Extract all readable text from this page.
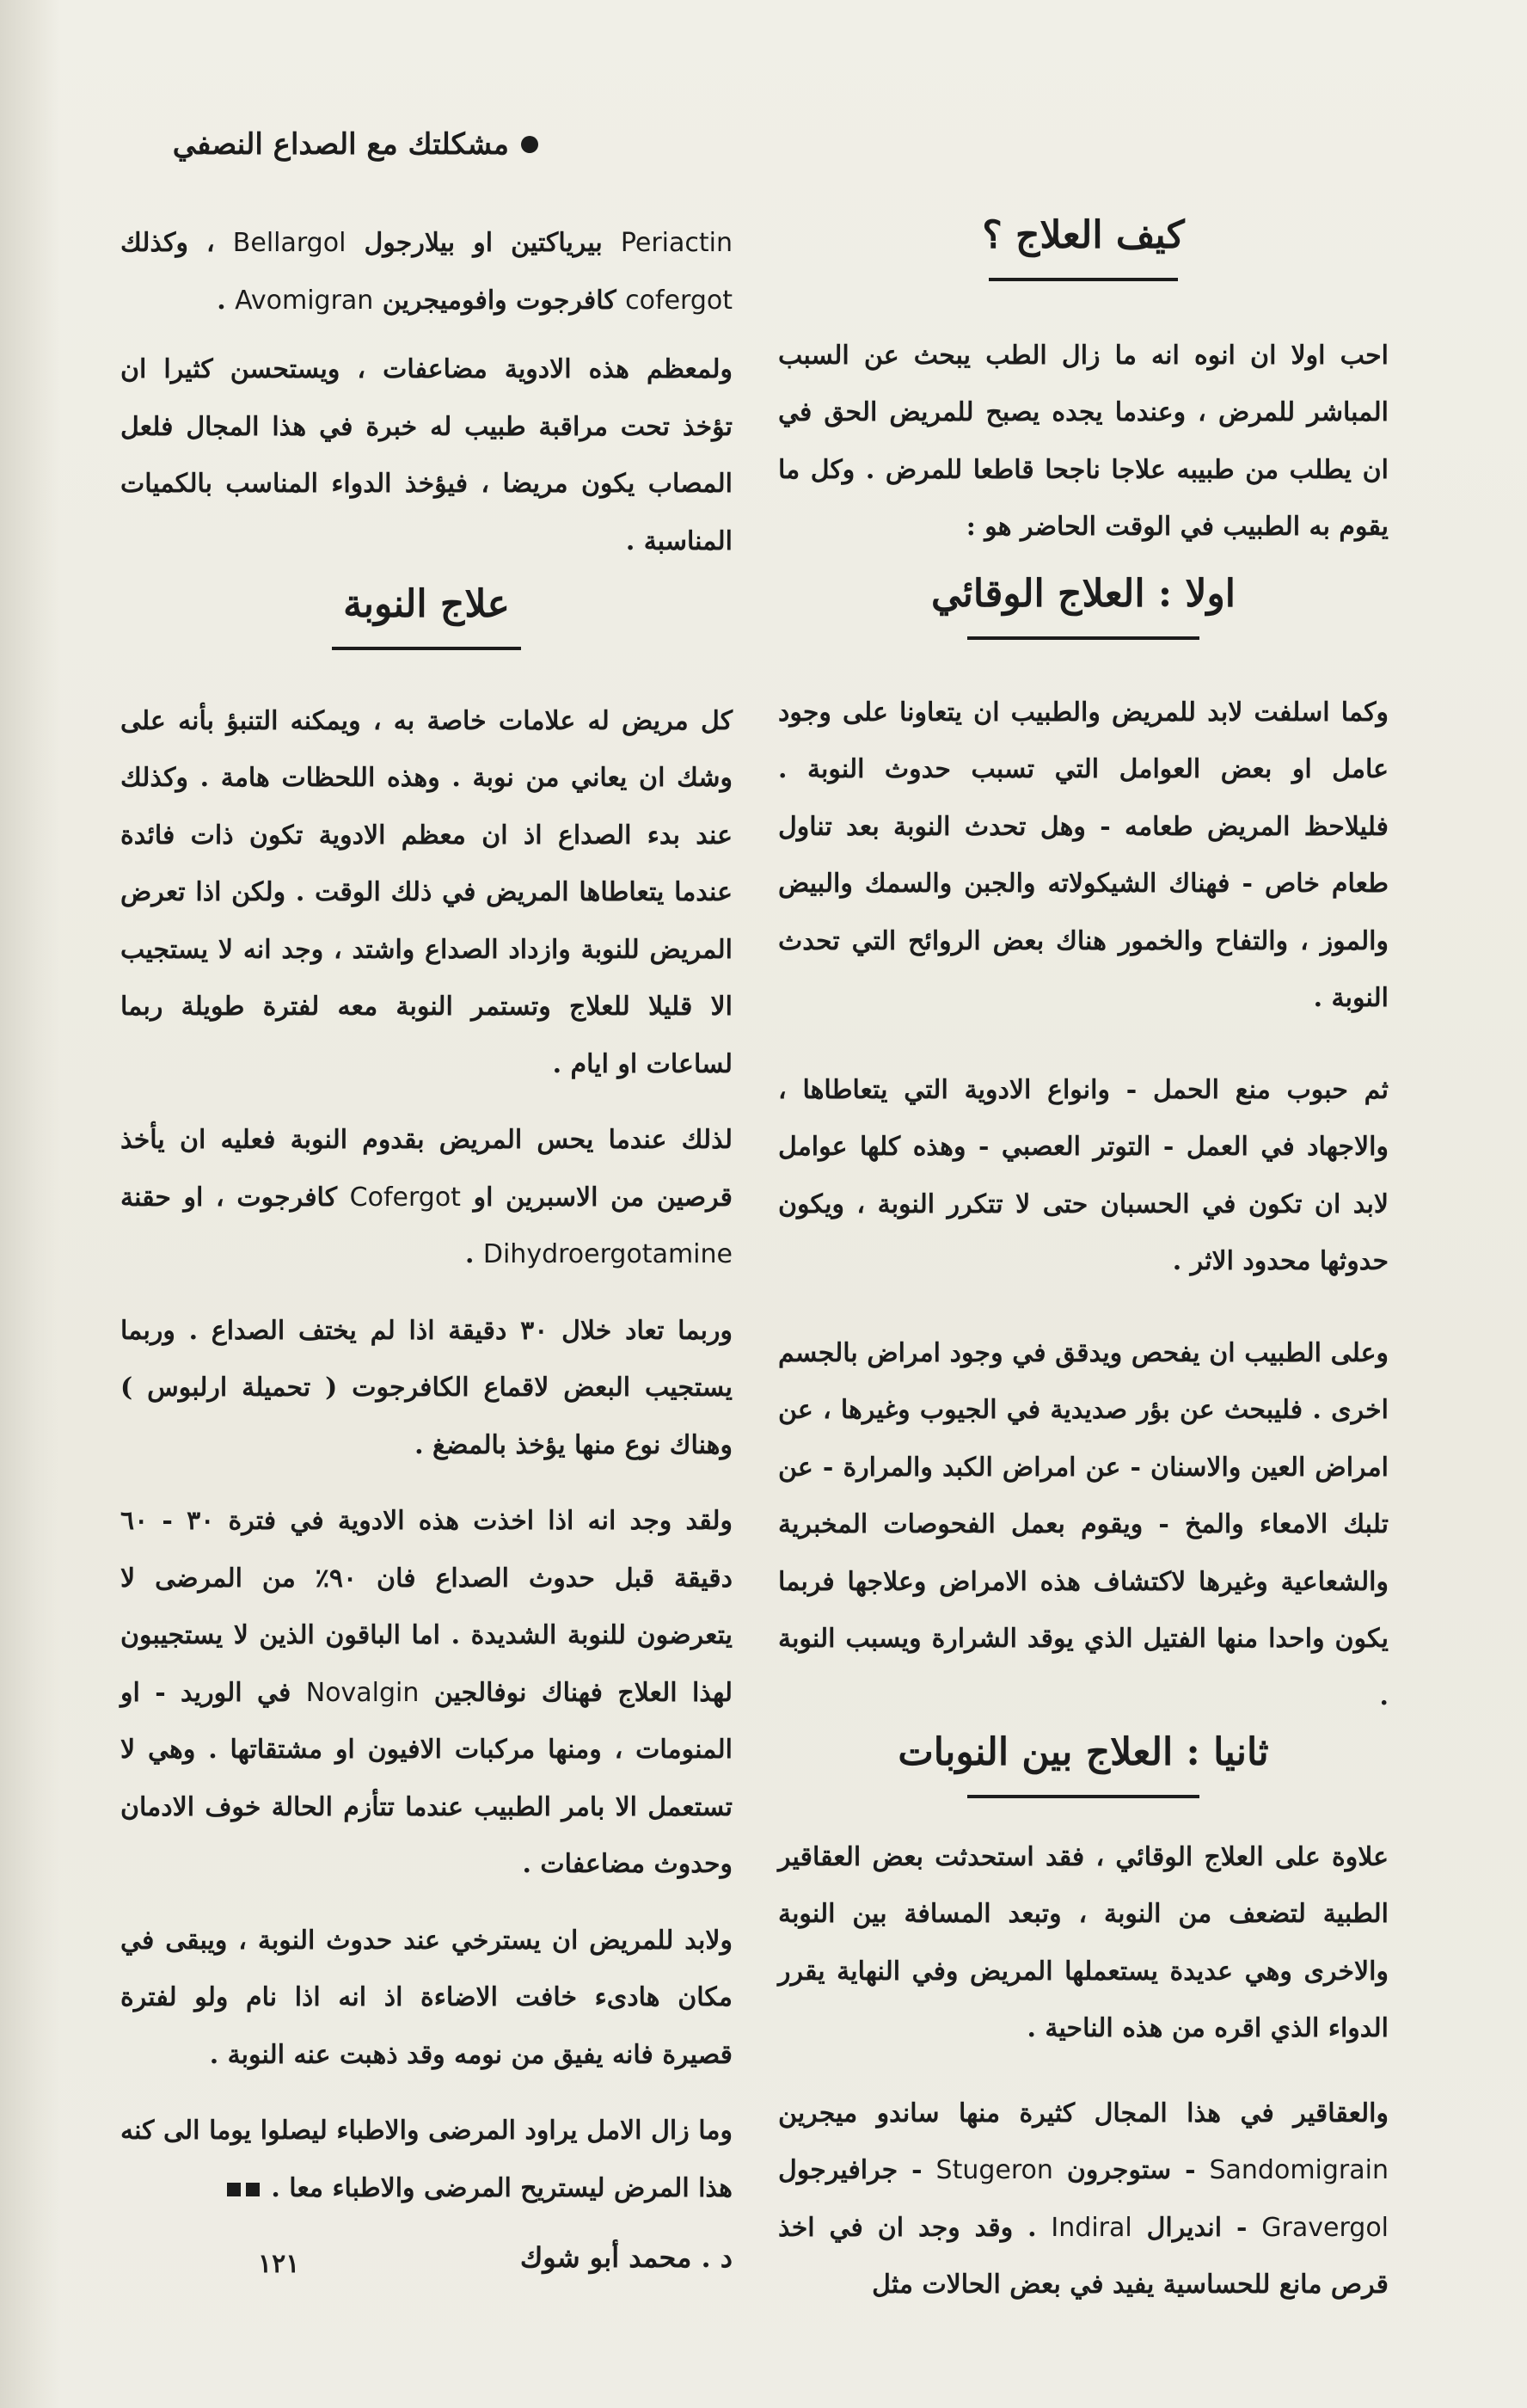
مشكلتك مع الصداع النصفي
كيف العلاج ؟

احب اولا ان انوه انه ما زال الطب يبحث عن السبب المباشر للمرض ، وعندما يجده يصبح للمريض الحق في ان يطلب من طبيبه علاجا ناجحا قاطعا للمرض . وكل ما يقوم به الطبيب في الوقت الحاضر هو :

اولا : العلاج الوقائي

وكما اسلفت لابد للمريض والطبيب ان يتعاونا على وجود عامل او بعض العوامل التي تسبب حدوث النوبة . فليلاحظ المريض طعامه - وهل تحدث النوبة بعد تناول طعام خاص - فهناك الشيكولاته والجبن والسمك والبيض والموز ، والتفاح والخمور هناك بعض الروائح التي تحدث النوبة .

ثم حبوب منع الحمل - وانواع الادوية التي يتعاطاها ، والاجهاد في العمل - التوتر العصبي - وهذه كلها عوامل لابد ان تكون في الحسبان حتى لا تتكرر النوبة ، ويكون حدوثها محدود الاثر .

وعلى الطبيب ان يفحص ويدقق في وجود امراض بالجسم اخرى . فليبحث عن بؤر صديدية في الجيوب وغيرها ، عن امراض العين والاسنان - عن امراض الكبد والمرارة - عن تلبك الامعاء والمخ - ويقوم بعمل الفحوصات المخبرية والشعاعية وغيرها لاكتشاف هذه الامراض وعلاجها فربما يكون واحدا منها الفتيل الذي يوقد الشرارة ويسبب النوبة .

ثانيا : العلاج بين النوبات

علاوة على العلاج الوقائي ، فقد استحدثت بعض العقاقير الطبية لتضعف من النوبة ، وتبعد المسافة بين النوبة والاخرى وهي عديدة يستعملها المريض وفي النهاية يقرر الدواء الذي اقره من هذه الناحية .

والعقاقير في هذا المجال كثيرة منها ساندو ميجرين Sandomigrain - ستوجرون Stugeron - جرافيرجول Gravergol - انديرال Indiral . وقد وجد ان في اخذ قرص مانع للحساسية يفيد في بعض الحالات مثل

Periactin بيرياكتين او بيلارجول Bellargol ، وكذلك cofergot كافرجوت وافوميجرين Avomigran .

ولمعظم هذه الادوية مضاعفات ، ويستحسن كثيرا ان تؤخذ تحت مراقبة طبيب له خبرة في هذا المجال فلعل المصاب يكون مريضا ، فيؤخذ الدواء المناسب بالكميات المناسبة .

علاج النوبة

كل مريض له علامات خاصة به ، ويمكنه التنبؤ بأنه على وشك ان يعاني من نوبة . وهذه اللحظات هامة . وكذلك عند بدء الصداع اذ ان معظم الادوية تكون ذات فائدة عندما يتعاطاها المريض في ذلك الوقت . ولكن اذا تعرض المريض للنوبة وازداد الصداع واشتد ، وجد انه لا يستجيب الا قليلا للعلاج وتستمر النوبة معه لفترة طويلة ربما لساعات او ايام .

لذلك عندما يحس المريض بقدوم النوبة فعليه ان يأخذ قرصين من الاسبرين او Cofergot كافرجوت ، او حقنة Dihydroergotamine .

وربما تعاد خلال ٣٠ دقيقة اذا لم يختف الصداع . وربما يستجيب البعض لاقماع الكافرجوت ( تحميلة ارلبوس ) وهناك نوع منها يؤخذ بالمضغ .

ولقد وجد انه اذا اخذت هذه الادوية في فترة ٣٠ - ٦٠ دقيقة قبل حدوث الصداع فان ٩٠٪ من المرضى لا يتعرضون للنوبة الشديدة . اما الباقون الذين لا يستجيبون لهذا العلاج فهناك نوفالجين Novalgin في الوريد - او المنومات ، ومنها مركبات الافيون او مشتقاتها . وهي لا تستعمل الا بامر الطبيب عندما تتأزم الحالة خوف الادمان وحدوث مضاعفات .

ولابد للمريض ان يسترخي عند حدوث النوبة ، ويبقى في مكان هادىء خافت الاضاءة اذ انه اذا نام ولو لفترة قصيرة فانه يفيق من نومه وقد ذهبت عنه النوبة .

وما زال الامل يراود المرضى والاطباء ليصلوا يوما الى كنه هذا المرض ليستريح المرضى والاطباء معا .

د . محمد أبو شوك
١٢١
